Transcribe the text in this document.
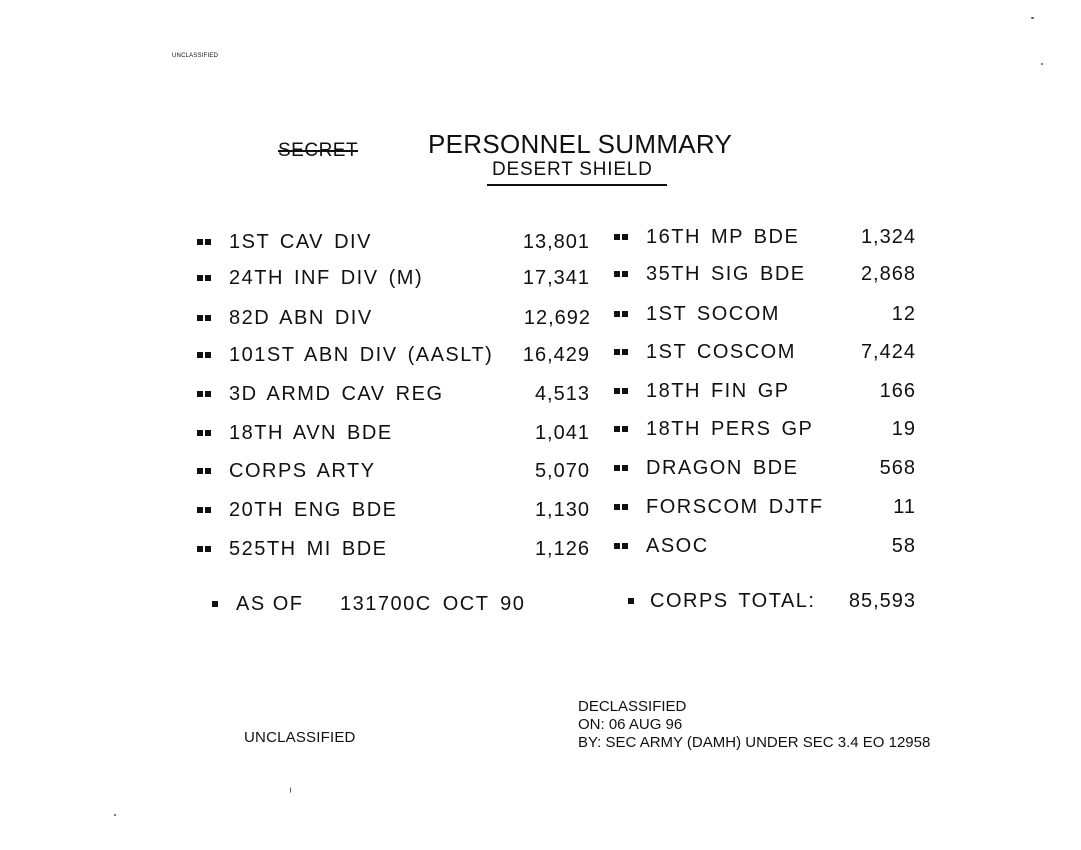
UNCLASSIFIED
SECRET	PERSONNEL SUMMARY
DESERT SHIELD
1ST CAV DIV	13,801
24TH INF DIV (M)	17,341
82D ABN DIV	12,692
101ST ABN DIV (AASLT)	16,429
3D ARMD CAV REG	4,513
18TH AVN BDE	1,041
CORPS ARTY	5,070
20TH ENG BDE	1,130
525TH MI BDE	1,126
16TH MP BDE	1,324
35TH SIG BDE	2,868
1ST SOCOM	12
1ST COSCOM	7,424
18TH FIN GP	166
18TH PERS GP	19
DRAGON BDE	568
FORSCOM DJTF	11
ASOC	58
AS OF 131700C OCT 90	CORPS TOTAL: 85,593
UNCLASSIFIED
DECLASSIFIED
ON: 06 AUG 96
BY: SEC ARMY (DAMH) UNDER SEC 3.4 EO 12958
